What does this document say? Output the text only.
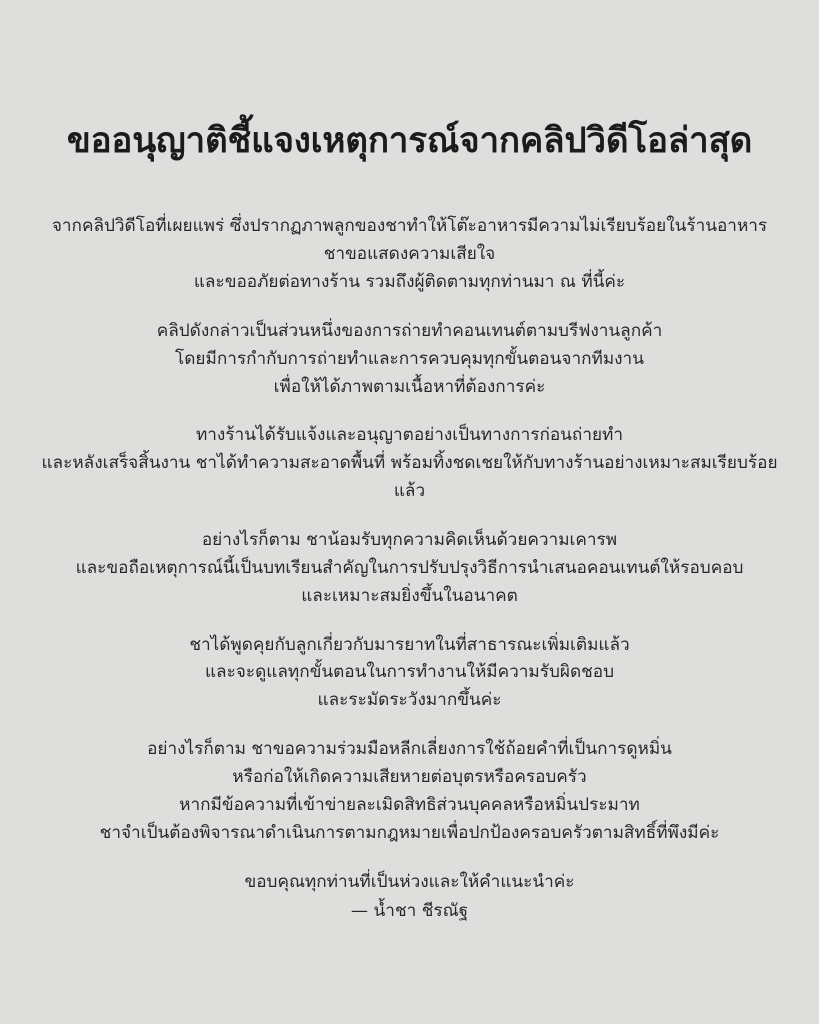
ขออนุญาติชี้แจงเหตุการณ์จากคลิปวิดีโอล่าสุด

จากคลิปวิดีโอที่เผยแพร่ ซึ่งปรากฏภาพลูกของชาทำให้โต๊ะอาหารมีความไม่เรียบร้อยในร้านอาหาร
ชาขอแสดงความเสียใจ
และขออภัยต่อทางร้าน รวมถึงผู้ติดตามทุกท่านมา ณ ที่นี้ค่ะ

คลิปดังกล่าวเป็นส่วนหนึ่งของการถ่ายทำคอนเทนต์ตามบรีฟงานลูกค้า
โดยมีการกำกับการถ่ายทำและการควบคุมทุกขั้นตอนจากทีมงาน
เพื่อให้ได้ภาพตามเนื้อหาที่ต้องการค่ะ

ทางร้านได้รับแจ้งและอนุญาตอย่างเป็นทางการก่อนถ่ายทำ
และหลังเสร็จสิ้นงาน ชาได้ทำความสะอาดพื้นที่ พร้อมทิ้งชดเชยให้กับทางร้านอย่างเหมาะสมเรียบร้อยแล้ว

อย่างไรก็ตาม ชาน้อมรับทุกความคิดเห็นด้วยความเคารพ
และขอถือเหตุการณ์นี้เป็นบทเรียนสำคัญในการปรับปรุงวิธีการนำเสนอคอนเทนต์ให้รอบคอบ
และเหมาะสมยิ่งขึ้นในอนาคต

ชาได้พูดคุยกับลูกเกี่ยวกับมารยาทในที่สาธารณะเพิ่มเติมแล้ว
และจะดูแลทุกขั้นตอนในการทำงานให้มีความรับผิดชอบ
และระมัดระวังมากขึ้นค่ะ

อย่างไรก็ตาม ชาขอความร่วมมือหลีกเลี่ยงการใช้ถ้อยคำที่เป็นการดูหมิ่น
หรือก่อให้เกิดความเสียหายต่อบุตรหรือครอบครัว
หากมีข้อความที่เข้าข่ายละเมิดสิทธิส่วนบุคคลหรือหมิ่นประมาท
ชาจำเป็นต้องพิจารณาดำเนินการตามกฎหมายเพื่อปกป้องครอบครัวตามสิทธิ์ที่พึงมีค่ะ

ขอบคุณทุกท่านที่เป็นห่วงและให้คำแนะนำค่ะ
— น้ำชา ชีรณัฐ
